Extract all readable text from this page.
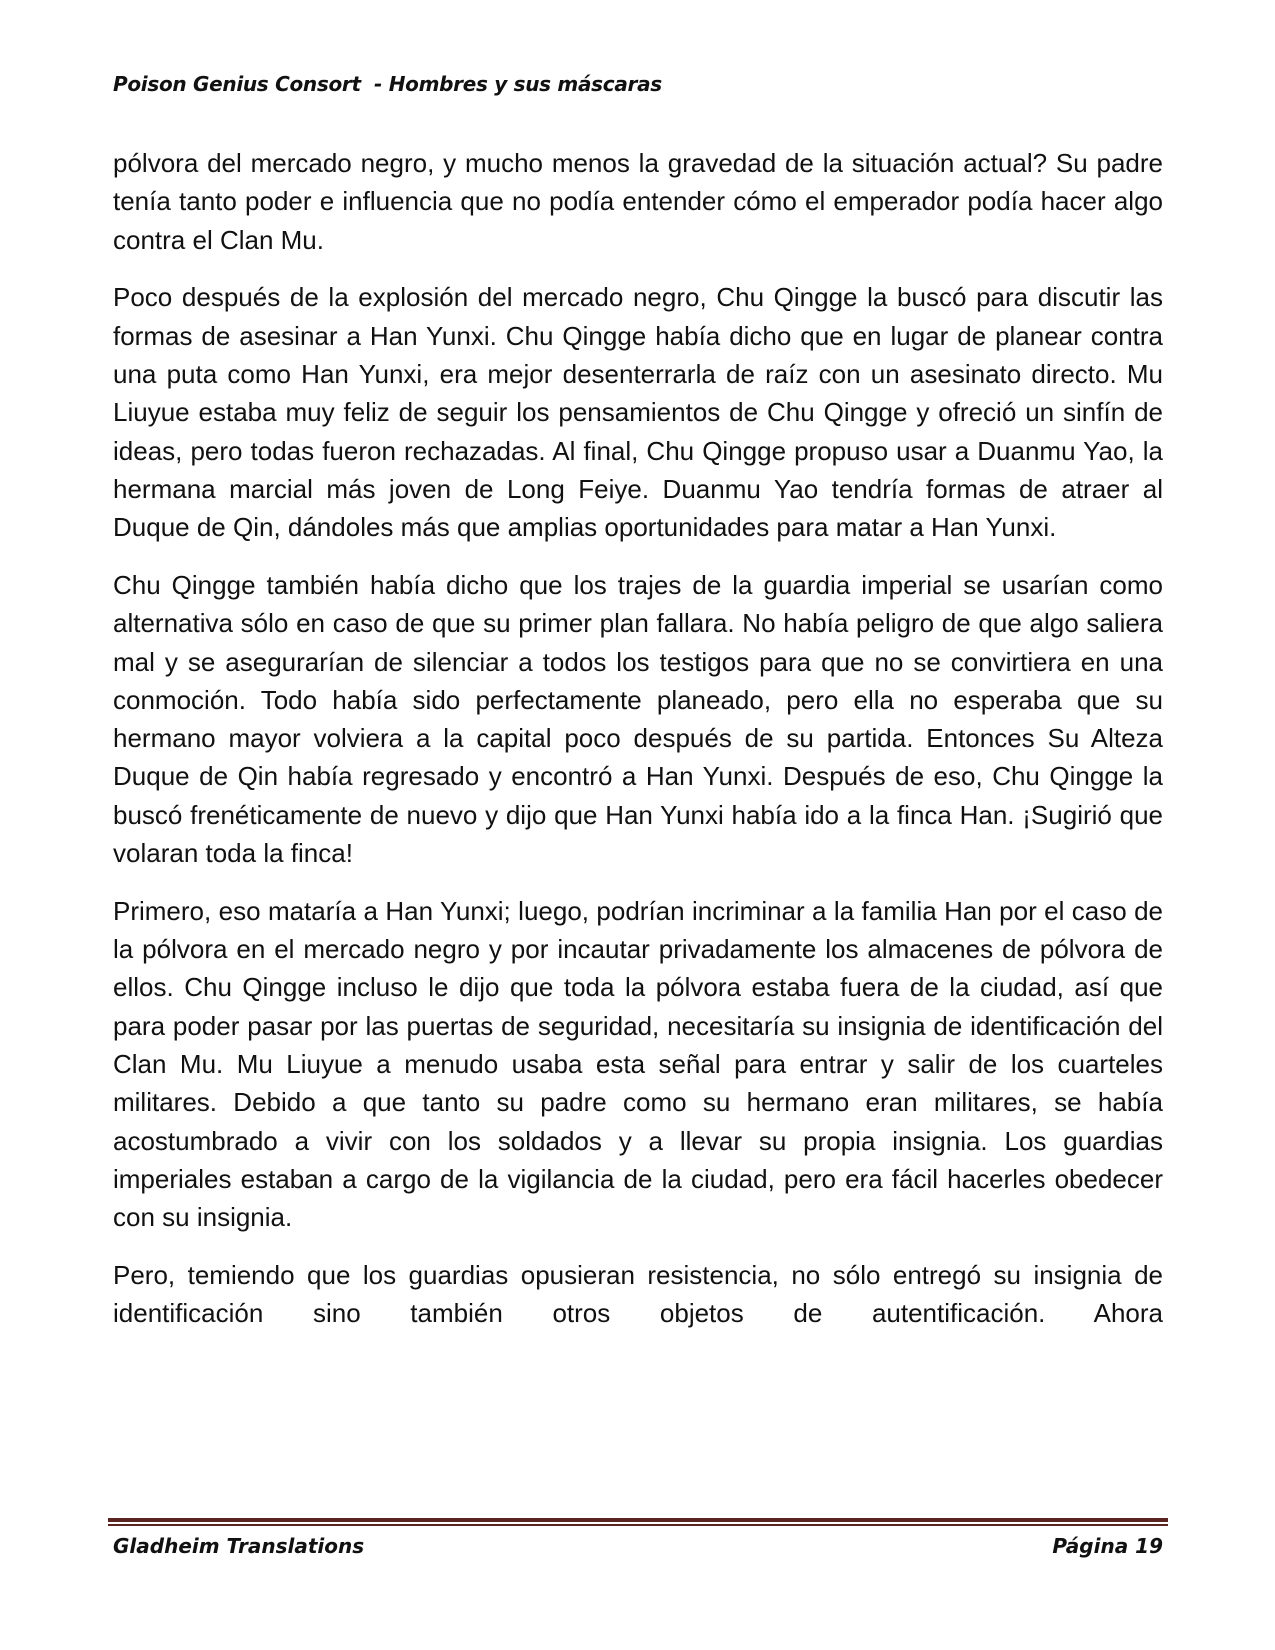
Poison Genius Consort  - Hombres y sus máscaras

pólvora del mercado negro, y mucho menos la gravedad de la situación actual? Su padre tenía tanto poder e influencia que no podía entender cómo el emperador podía hacer algo contra el Clan Mu.

Poco después de la explosión del mercado negro, Chu Qingge la buscó para discutir las formas de asesinar a Han Yunxi. Chu Qingge había dicho que en lugar de planear contra una puta como Han Yunxi, era mejor desenterrarla de raíz con un asesinato directo. Mu Liuyue estaba muy feliz de seguir los pensamientos de Chu Qingge y ofreció un sinfín de ideas, pero todas fueron rechazadas. Al final, Chu Qingge propuso usar a Duanmu Yao, la hermana marcial más joven de Long Feiye. Duanmu Yao tendría formas de atraer al Duque de Qin, dándoles más que amplias oportunidades para matar a Han Yunxi.

Chu Qingge también había dicho que los trajes de la guardia imperial se usarían como alternativa sólo en caso de que su primer plan fallara. No había peligro de que algo saliera mal y se asegurarían de silenciar a todos los testigos para que no se convirtiera en una conmoción. Todo había sido perfectamente planeado, pero ella no esperaba que su hermano mayor volviera a la capital poco después de su partida. Entonces Su Alteza Duque de Qin había regresado y encontró a Han Yunxi. Después de eso, Chu Qingge la buscó frenéticamente de nuevo y dijo que Han Yunxi había ido a la finca Han. ¡Sugirió que volaran toda la finca!

Primero, eso mataría a Han Yunxi; luego, podrían incriminar a la familia Han por el caso de la pólvora en el mercado negro y por incautar privadamente los almacenes de pólvora de ellos. Chu Qingge incluso le dijo que toda la pólvora estaba fuera de la ciudad, así que para poder pasar por las puertas de seguridad, necesitaría su insignia de identificación del Clan Mu. Mu Liuyue a menudo usaba esta señal para entrar y salir de los cuarteles militares. Debido a que tanto su padre como su hermano eran militares, se había acostumbrado a vivir con los soldados y a llevar su propia insignia. Los guardias imperiales estaban a cargo de la vigilancia de la ciudad, pero era fácil hacerles obedecer con su insignia.

Pero, temiendo que los guardias opusieran resistencia, no sólo entregó su insignia de identificación sino también otros objetos de autentificación. Ahora

Gladheim Translations	Página 19
